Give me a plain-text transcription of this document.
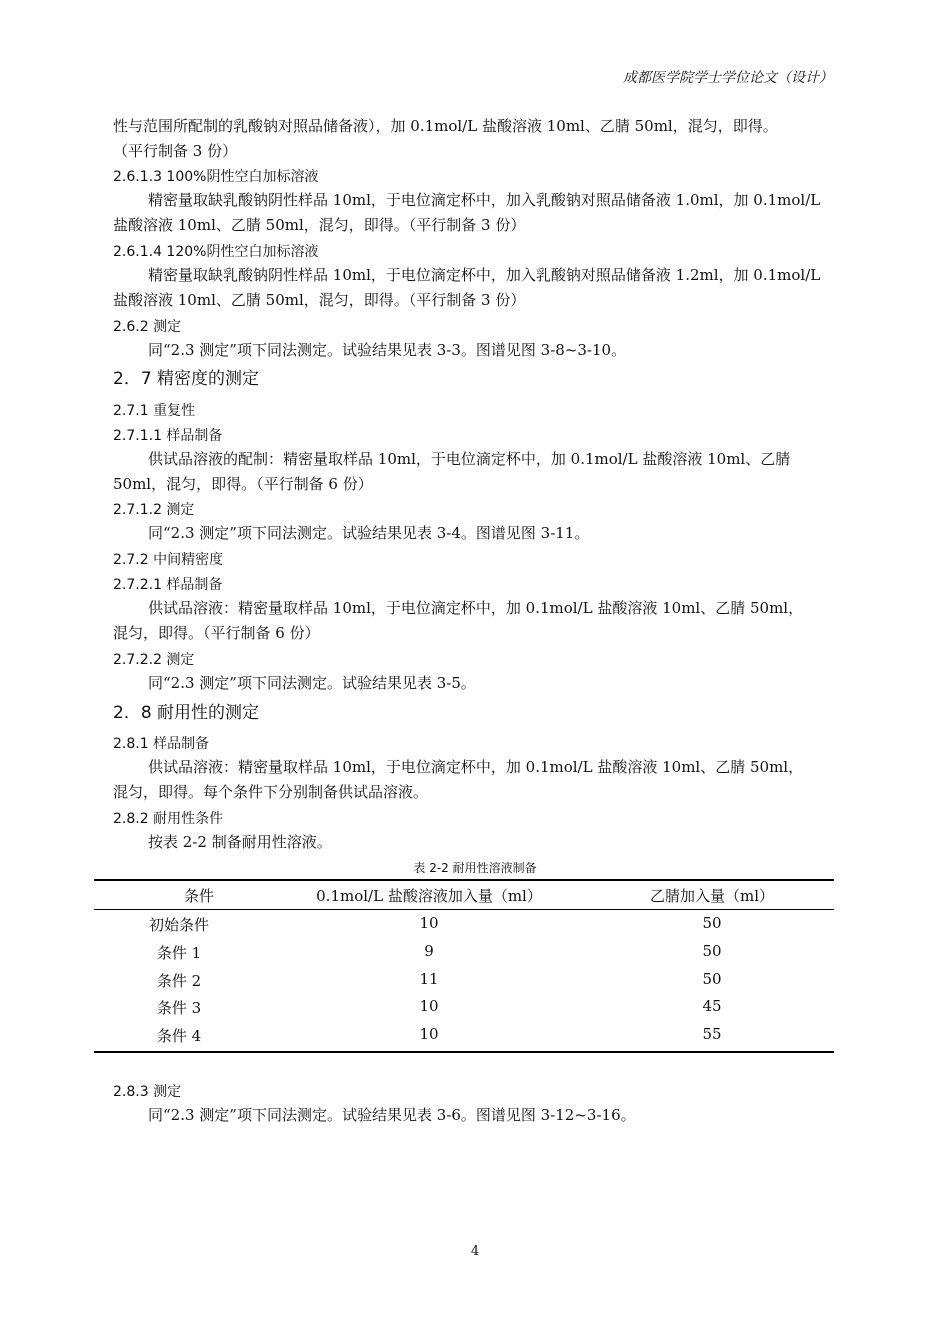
成都医学院学士学位论文（设计）
性与范围所配制的乳酸钠对照品储备液），加 0.1mol/L 盐酸溶液 10ml、乙腈 50ml，混匀，即得。
（平行制备 3 份）
2.6.1.3 100%阴性空白加标溶液
精密量取缺乳酸钠阴性样品 10ml，于电位滴定杯中，加入乳酸钠对照品储备液 1.0ml，加 0.1mol/L
盐酸溶液 10ml、乙腈 50ml，混匀，即得。（平行制备 3 份）
2.6.1.4 120%阴性空白加标溶液
精密量取缺乳酸钠阴性样品 10ml，于电位滴定杯中，加入乳酸钠对照品储备液 1.2ml，加 0.1mol/L
盐酸溶液 10ml、乙腈 50ml，混匀，即得。（平行制备 3 份）
2.6.2 测定
同“2.3 测定”项下同法测定。试验结果见表 3-3。图谱见图 3-8~3-10。
2．7 精密度的测定
2.7.1 重复性
2.7.1.1 样品制备
供试品溶液的配制：精密量取样品 10ml，于电位滴定杯中，加 0.1mol/L 盐酸溶液 10ml、乙腈
50ml，混匀，即得。（平行制备 6 份）
2.7.1.2 测定
同“2.3 测定”项下同法测定。试验结果见表 3-4。图谱见图 3-11。
2.7.2 中间精密度
2.7.2.1 样品制备
供试品溶液：精密量取样品 10ml，于电位滴定杯中，加 0.1mol/L 盐酸溶液 10ml、乙腈 50ml，
混匀，即得。（平行制备 6 份）
2.7.2.2 测定
同“2.3 测定”项下同法测定。试验结果见表 3-5。
2．8 耐用性的测定
2.8.1 样品制备
供试品溶液：精密量取样品 10ml，于电位滴定杯中，加 0.1mol/L 盐酸溶液 10ml、乙腈 50ml，
混匀，即得。每个条件下分别制备供试品溶液。
2.8.2 耐用性条件
按表 2-2 制备耐用性溶液。
表 2-2 耐用性溶液制备
条件	0.1mol/L 盐酸溶液加入量（ml）	乙腈加入量（ml）
初始条件	10	50
条件 1	9	50
条件 2	11	50
条件 3	10	45
条件 4	10	55
2.8.3 测定
同“2.3 测定”项下同法测定。试验结果见表 3-6。图谱见图 3-12~3-16。
4
